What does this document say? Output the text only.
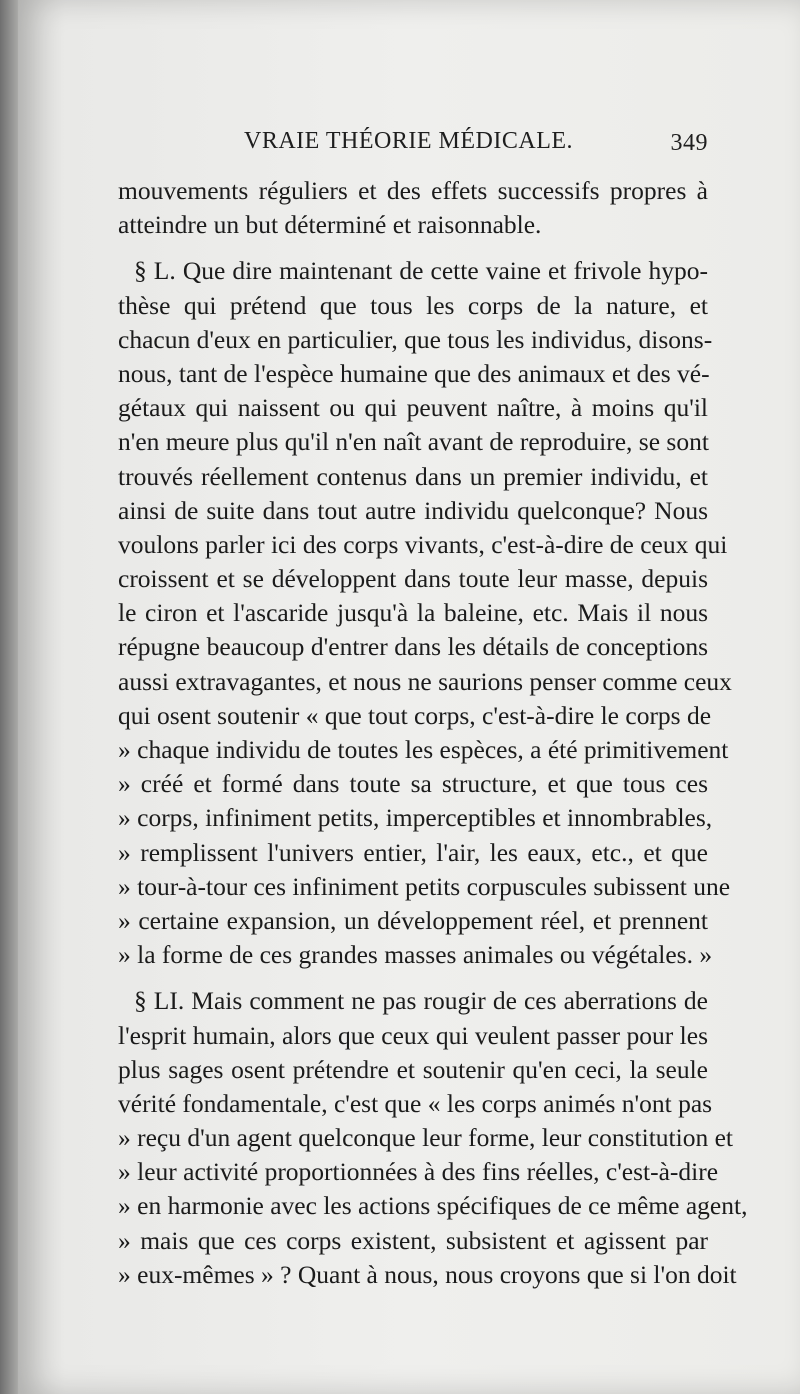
VRAIE THÉORIE MÉDICALE.	349
mouvements réguliers et des effets successifs propres à
atteindre un but déterminé et raisonnable.
§ L. Que dire maintenant de cette vaine et frivole hypo-
thèse qui prétend que tous les corps de la nature, et
chacun d'eux en particulier, que tous les individus, disons-
nous, tant de l'espèce humaine que des animaux et des vé-
gétaux qui naissent ou qui peuvent naître, à moins qu'il
n'en meure plus qu'il n'en naît avant de reproduire, se sont
trouvés réellement contenus dans un premier individu, et
ainsi de suite dans tout autre individu quelconque? Nous
voulons parler ici des corps vivants, c'est-à-dire de ceux qui
croissent et se développent dans toute leur masse, depuis
le ciron et l'ascaride jusqu'à la baleine, etc. Mais il nous
répugne beaucoup d'entrer dans les détails de conceptions
aussi extravagantes, et nous ne saurions penser comme ceux
qui osent soutenir « que tout corps, c'est-à-dire le corps de
» chaque individu de toutes les espèces, a été primitivement
» créé et formé dans toute sa structure, et que tous ces
» corps, infiniment petits, imperceptibles et innombrables,
» remplissent l'univers entier, l'air, les eaux, etc., et que
» tour-à-tour ces infiniment petits corpuscules subissent une
» certaine expansion, un développement réel, et prennent
» la forme de ces grandes masses animales ou végétales. »
§ LI. Mais comment ne pas rougir de ces aberrations de
l'esprit humain, alors que ceux qui veulent passer pour les
plus sages osent prétendre et soutenir qu'en ceci, la seule
vérité fondamentale, c'est que « les corps animés n'ont pas
» reçu d'un agent quelconque leur forme, leur constitution et
» leur activité proportionnées à des fins réelles, c'est-à-dire
» en harmonie avec les actions spécifiques de ce même agent,
» mais que ces corps existent, subsistent et agissent par
» eux-mêmes » ? Quant à nous, nous croyons que si l'on doit
